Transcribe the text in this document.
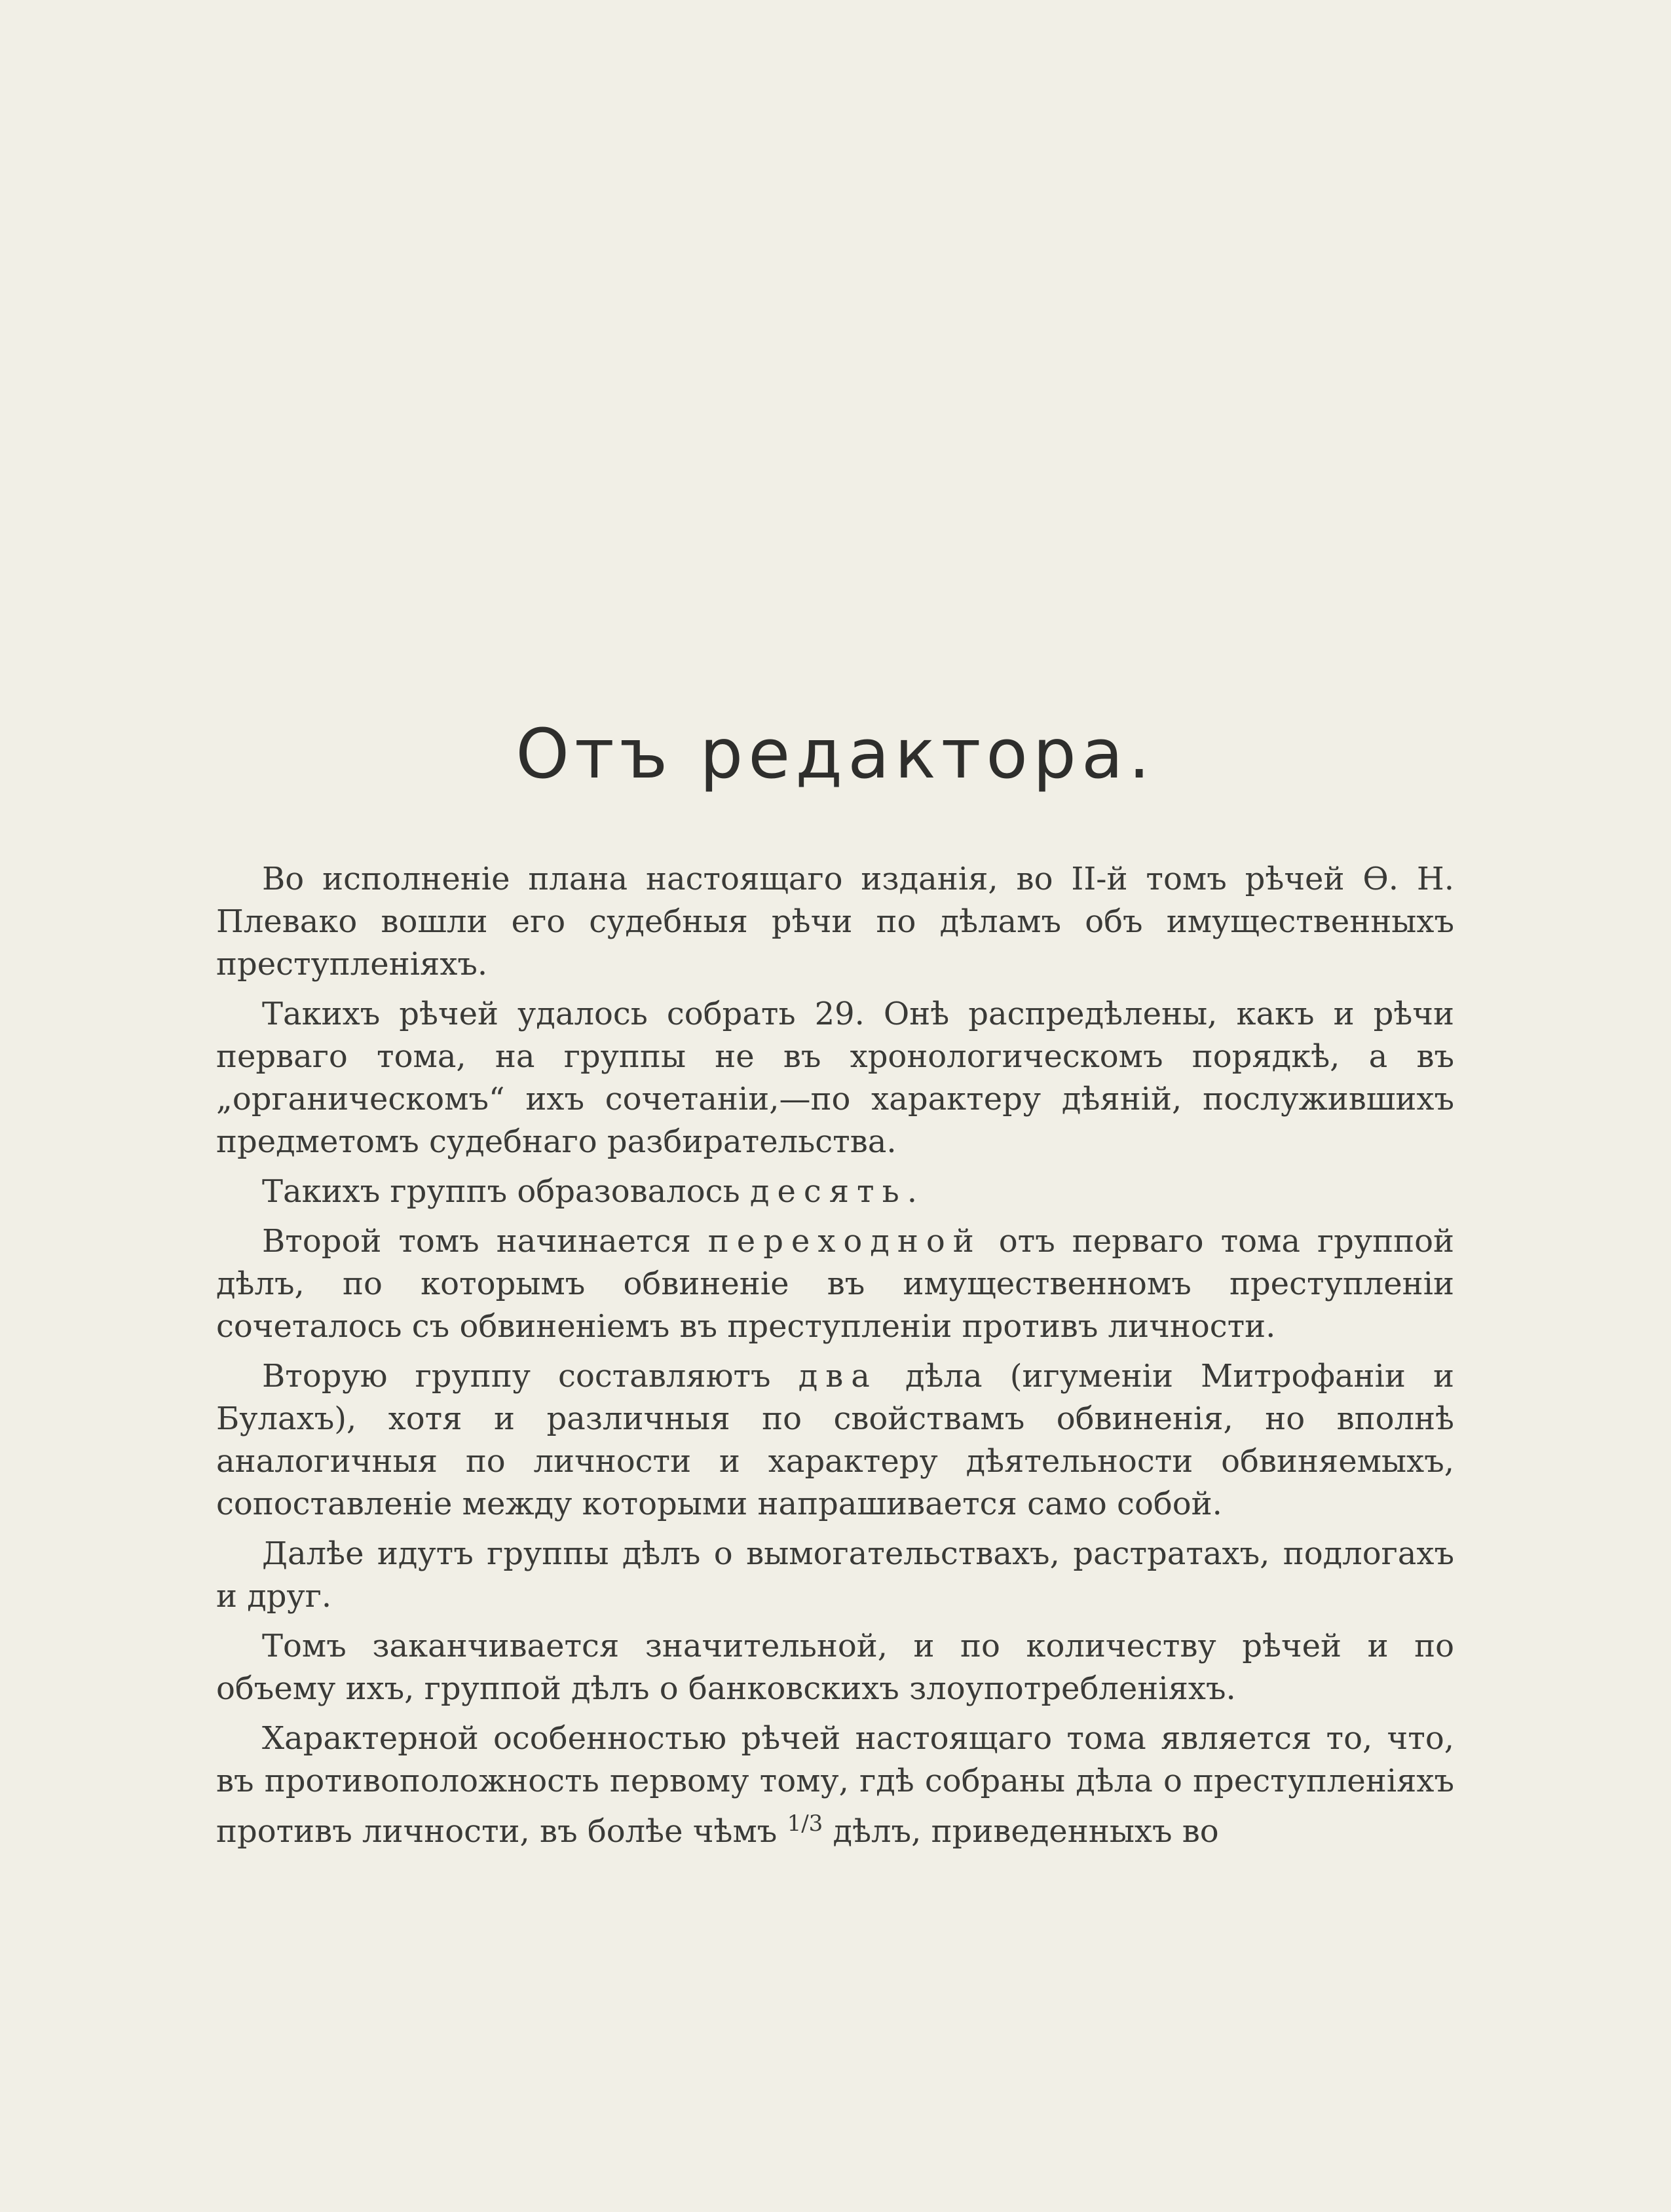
Отъ редактора.

Во исполненіе плана настоящаго изданія, во II-й томъ рѣчей Ѳ. Н. Плевако вошли его судебныя рѣчи по дѣламъ объ имущественныхъ преступленіяхъ.

Такихъ рѣчей удалось собрать 29. Онѣ распредѣлены, какъ и рѣчи перваго тома, на группы не въ хронологическомъ порядкѣ, а въ „органическомъ“ ихъ сочетаніи,—по характеру дѣяній, послужившихъ предметомъ судебнаго разбирательства.

Такихъ группъ образовалось десять.

Второй томъ начинается переходной отъ перваго тома группой дѣлъ, по которымъ обвиненіе въ имущественномъ преступленіи сочеталось съ обвиненіемъ въ преступленіи противъ личности.

Вторую группу составляютъ два дѣла (игуменіи Митрофаніи и Булахъ), хотя и различныя по свойствамъ обвиненія, но вполнѣ аналогичныя по личности и характеру дѣятельности обвиняемыхъ, сопоставленіе между которыми напрашивается само собой.

Далѣе идутъ группы дѣлъ о вымогательствахъ, растратахъ, подлогахъ и друг.

Томъ заканчивается значительной, и по количеству рѣчей и по объему ихъ, группой дѣлъ о банковскихъ злоупотребленіяхъ.

Характерной особенностью рѣчей настоящаго тома является то, что, въ противоположность первому тому, гдѣ собраны дѣла о преступленіяхъ противъ личности, въ болѣе чѣмъ $^{1/3}$ дѣлъ, приведенныхъ во
